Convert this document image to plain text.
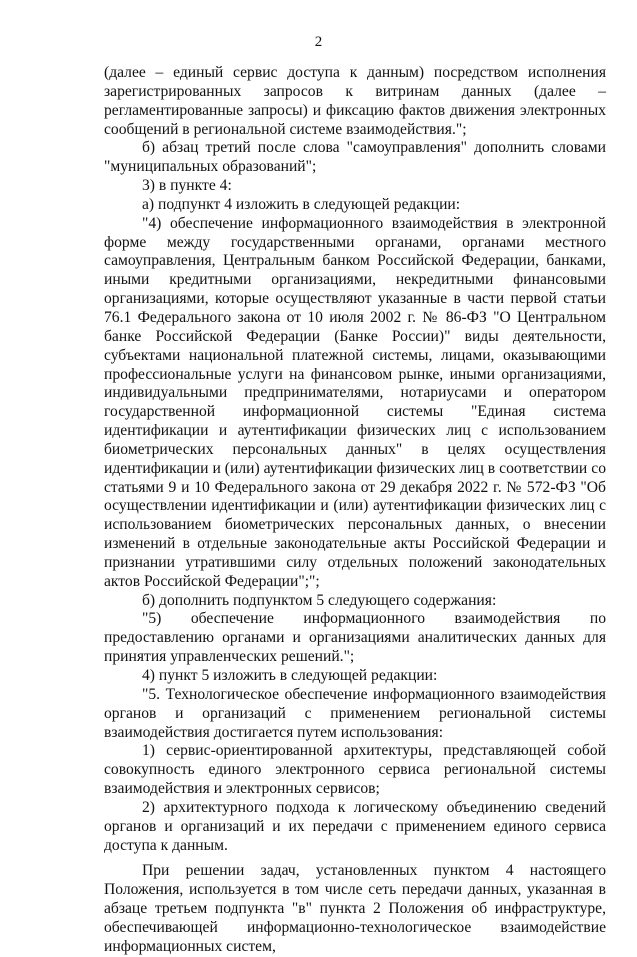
2

(далее – единый сервис доступа к данным) посредством исполнения зарегистрированных запросов к витринам данных (далее – регламентированные запросы) и фиксацию фактов движения электронных сообщений в региональной системе взаимодействия.";

б) абзац третий после слова "самоуправления" дополнить словами "муниципальных образований";

3) в пункте 4:

а) подпункт 4 изложить в следующей редакции:

"4) обеспечение информационного взаимодействия в электронной форме между государственными органами, органами местного самоуправления, Центральным банком Российской Федерации, банками, иными кредитными организациями, некредитными финансовыми организациями, которые осуществляют указанные в части первой статьи 76.1 Федерального закона от 10 июля 2002 г. № 86-ФЗ "О Центральном банке Российской Федерации (Банке России)" виды деятельности, субъектами национальной платежной системы, лицами, оказывающими профессиональные услуги на финансовом рынке, иными организациями, индивидуальными предпринимателями, нотариусами и оператором государственной информационной системы "Единая система идентификации и аутентификации физических лиц с использованием биометрических персональных данных" в целях осуществления идентификации и (или) аутентификации физических лиц в соответствии со статьями 9 и 10 Федерального закона от 29 декабря 2022 г. № 572-ФЗ "Об осуществлении идентификации и (или) аутентификации физических лиц с использованием биометрических персональных данных, о внесении изменений в отдельные законодательные акты Российской Федерации и признании утратившими силу отдельных положений законодательных актов Российской Федерации";";

б) дополнить подпунктом 5 следующего содержания:

"5) обеспечение информационного взаимодействия по предоставлению органами и организациями аналитических данных для принятия управленческих решений.";

4) пункт 5 изложить в следующей редакции:

"5. Технологическое обеспечение информационного взаимодействия органов и организаций с применением региональной системы взаимодействия достигается путем использования:

1) сервис-ориентированной архитектуры, представляющей собой совокупность единого электронного сервиса региональной системы взаимодействия и электронных сервисов;

2) архитектурного подхода к логическому объединению сведений органов и организаций и их передачи с применением единого сервиса доступа к данным.

При решении задач, установленных пунктом 4 настоящего Положения, используется в том числе сеть передачи данных, указанная в абзаце третьем подпункта "в" пункта 2 Положения об инфраструктуре, обеспечивающей информационно-технологическое взаимодействие информационных систем,
